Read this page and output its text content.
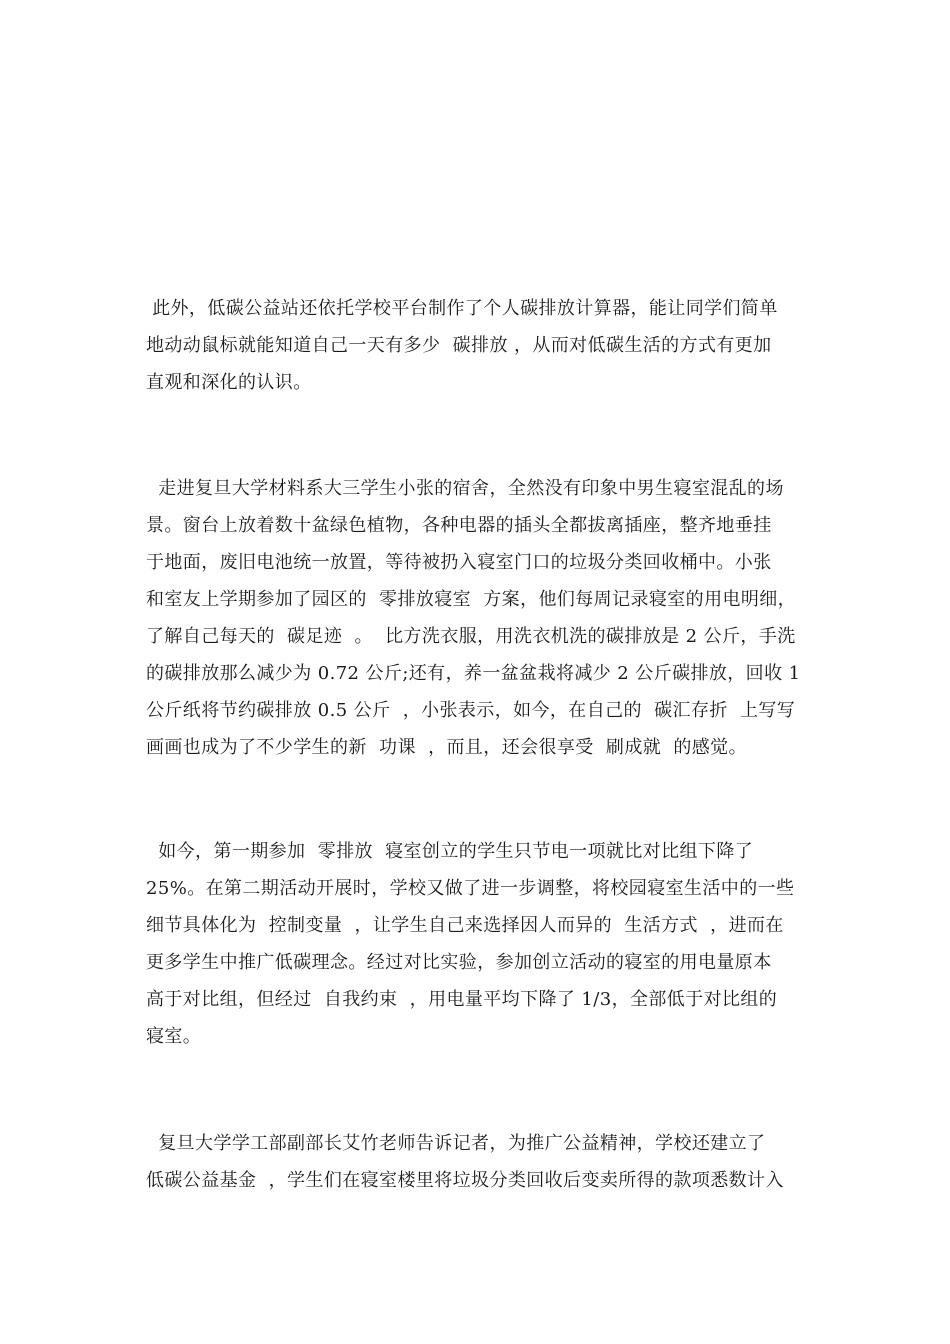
此外，低碳公益站还依托学校平台制作了个人碳排放计算器，能让同学们简单
地动动鼠标就能知道自己一天有多少  碳排放 ，从而对低碳生活的方式有更加
直观和深化的认识。
走进复旦大学材料系大三学生小张的宿舍，全然没有印象中男生寝室混乱的场
景。窗台上放着数十盆绿色植物，各种电器的插头全都拔离插座，整齐地垂挂
于地面，废旧电池统一放置，等待被扔入寝室门口的垃圾分类回收桶中。小张
和室友上学期参加了园区的  零排放寝室  方案，他们每周记录寝室的用电明细，
了解自己每天的  碳足迹  。  比方洗衣服，用洗衣机洗的碳排放是 2 公斤，手洗
的碳排放那么减少为 0.72 公斤;还有，养一盆盆栽将减少 2 公斤碳排放，回收 1
公斤纸将节约碳排放 0.5 公斤  ，小张表示，如今，在自己的  碳汇存折  上写写
画画也成为了不少学生的新  功课  ，而且，还会很享受  刷成就  的感觉。
如今，第一期参加  零排放  寝室创立的学生只节电一项就比对比组下降了
25%。在第二期活动开展时，学校又做了进一步调整，将校园寝室生活中的一些
细节具体化为  控制变量  ，让学生自己来选择因人而异的  生活方式  ，进而在
更多学生中推广低碳理念。经过对比实验，参加创立活动的寝室的用电量原本
高于对比组，但经过  自我约束  ，用电量平均下降了 1/3，全部低于对比组的
寝室。
复旦大学学工部副部长艾竹老师告诉记者，为推广公益精神，学校还建立了
低碳公益基金  ，学生们在寝室楼里将垃圾分类回收后变卖所得的款项悉数计入
